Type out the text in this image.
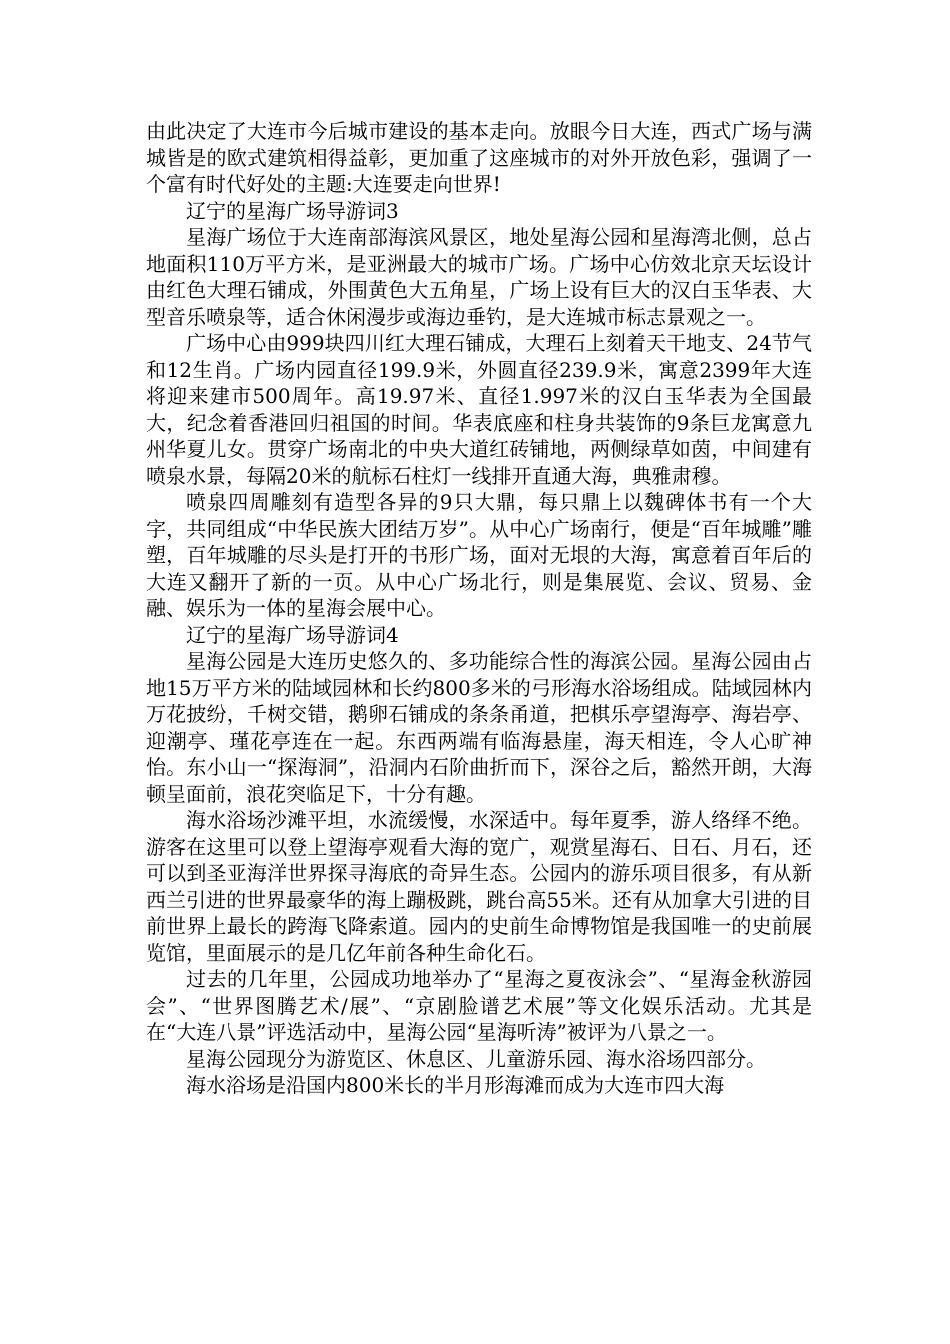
由此决定了大连市今后城市建设的基本走向。放眼今日大连，西式广场与满城皆是的欧式建筑相得益彰，更加重了这座城市的对外开放色彩，强调了一个富有时代好处的主题:大连要走向世界!

辽宁的星海广场导游词3

星海广场位于大连南部海滨风景区，地处星海公园和星海湾北侧，总占地面积110万平方米，是亚洲最大的城市广场。广场中心仿效北京天坛设计由红色大理石铺成，外围黄色大五角星，广场上设有巨大的汉白玉华表、大型音乐喷泉等，适合休闲漫步或海边垂钓，是大连城市标志景观之一。

广场中心由999块四川红大理石铺成，大理石上刻着天干地支、24节气和12生肖。广场内园直径199.9米，外圆直径239.9米，寓意2399年大连将迎来建市500周年。高19.97米、直径1.997米的汉白玉华表为全国最大，纪念着香港回归祖国的时间。华表底座和柱身共装饰的9条巨龙寓意九州华夏儿女。贯穿广场南北的中央大道红砖铺地，两侧绿草如茵，中间建有喷泉水景，每隔20米的航标石柱灯一线排开直通大海，典雅肃穆。

喷泉四周雕刻有造型各异的9只大鼎，每只鼎上以魏碑体书有一个大字，共同组成“中华民族大团结万岁”。从中心广场南行，便是“百年城雕”雕塑，百年城雕的尽头是打开的书形广场，面对无垠的大海，寓意着百年后的大连又翻开了新的一页。从中心广场北行，则是集展览、会议、贸易、金融、娱乐为一体的星海会展中心。

辽宁的星海广场导游词4

星海公园是大连历史悠久的、多功能综合性的海滨公园。星海公园由占地15万平方米的陆域园林和长约800多米的弓形海水浴场组成。陆域园林内万花披纷，千树交错，鹅卵石铺成的条条甬道，把棋乐亭望海亭、海岩亭、迎潮亭、瑾花亭连在一起。东西两端有临海悬崖，海天相连，令人心旷神怡。东小山一“探海洞”，沿洞内石阶曲折而下，深谷之后，豁然开朗，大海顿呈面前，浪花突临足下，十分有趣。

海水浴场沙滩平坦，水流缓慢，水深适中。每年夏季，游人络绎不绝。游客在这里可以登上望海亭观看大海的宽广，观赏星海石、日石、月石，还可以到圣亚海洋世界探寻海底的奇异生态。公园内的游乐项目很多，有从新西兰引进的世界最豪华的海上蹦极跳，跳台高55米。还有从加拿大引进的目前世界上最长的跨海飞降索道。园内的史前生命博物馆是我国唯一的史前展览馆，里面展示的是几亿年前各种生命化石。

过去的几年里，公园成功地举办了“星海之夏夜泳会”、“星海金秋游园会”、“世界图腾艺术/展”、“京剧脸谱艺术展”等文化娱乐活动。尤其是在“大连八景”评选活动中，星海公园“星海听涛”被评为八景之一。

星海公园现分为游览区、休息区、儿童游乐园、海水浴场四部分。

海水浴场是沿国内800米长的半月形海滩而成为大连市四大海
